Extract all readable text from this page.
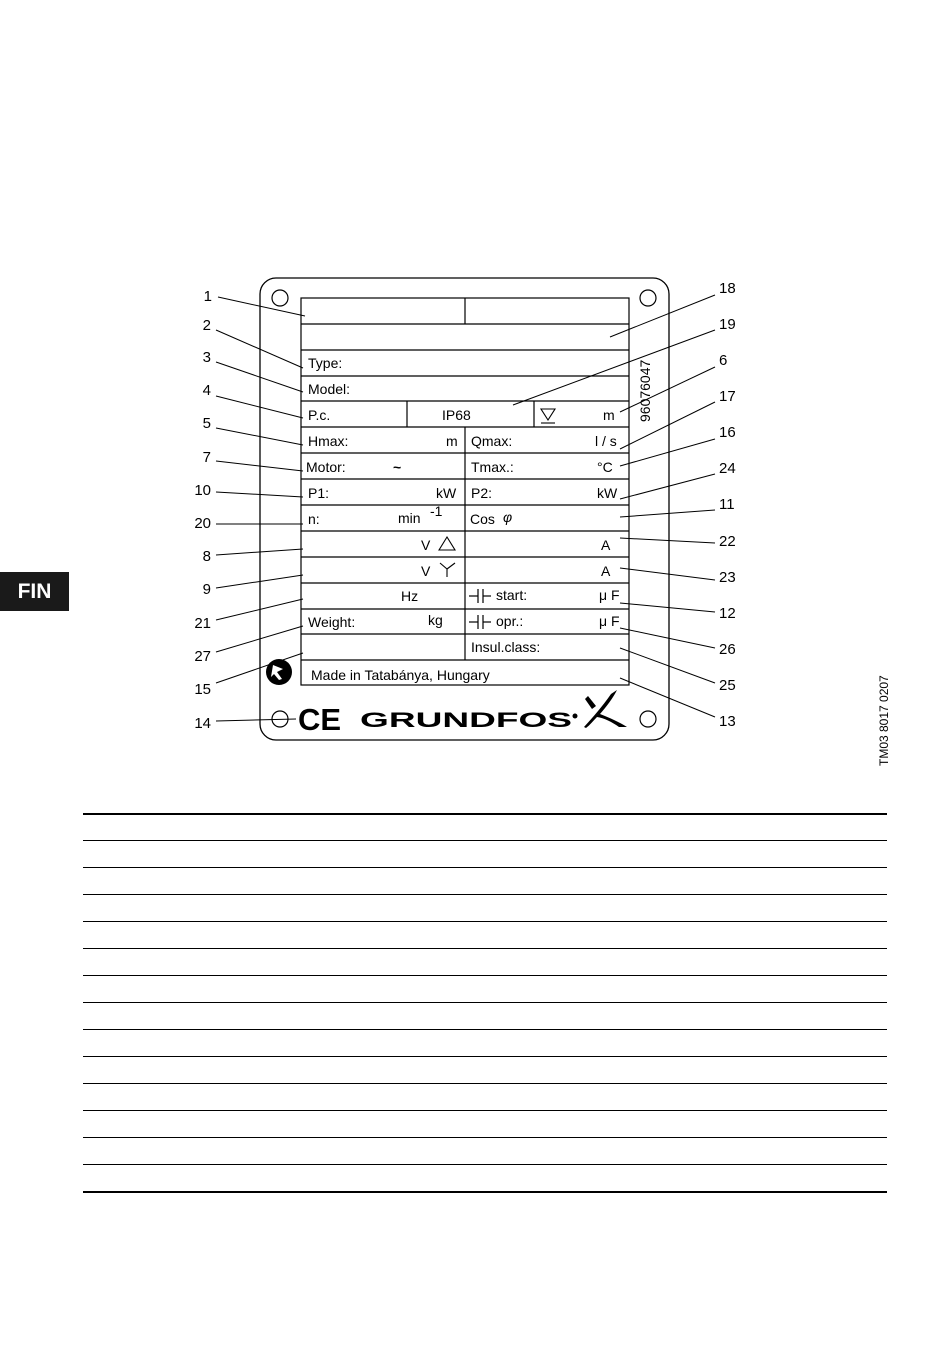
FIN
TM03 8017 0207
Type:
Model:
P.c.	IP68	m
Hmax:	m Qmax:	l / s
Motor:	~	Tmax.:	°C
P1:	kW P2:	kW
n:	min -1 Cos φ
V	A
V	A
Hz	start:	μ F
Weight:	kg	opr.:	μ F
Insul.class:
Made in Tatabánya, Hungary
96076047
CE GRUNDFOS
1
2
3
4
5
7
10
20
8
9
21
27
15
14
18
19
6
17
16
24
11
22
23
12
26
25
13
